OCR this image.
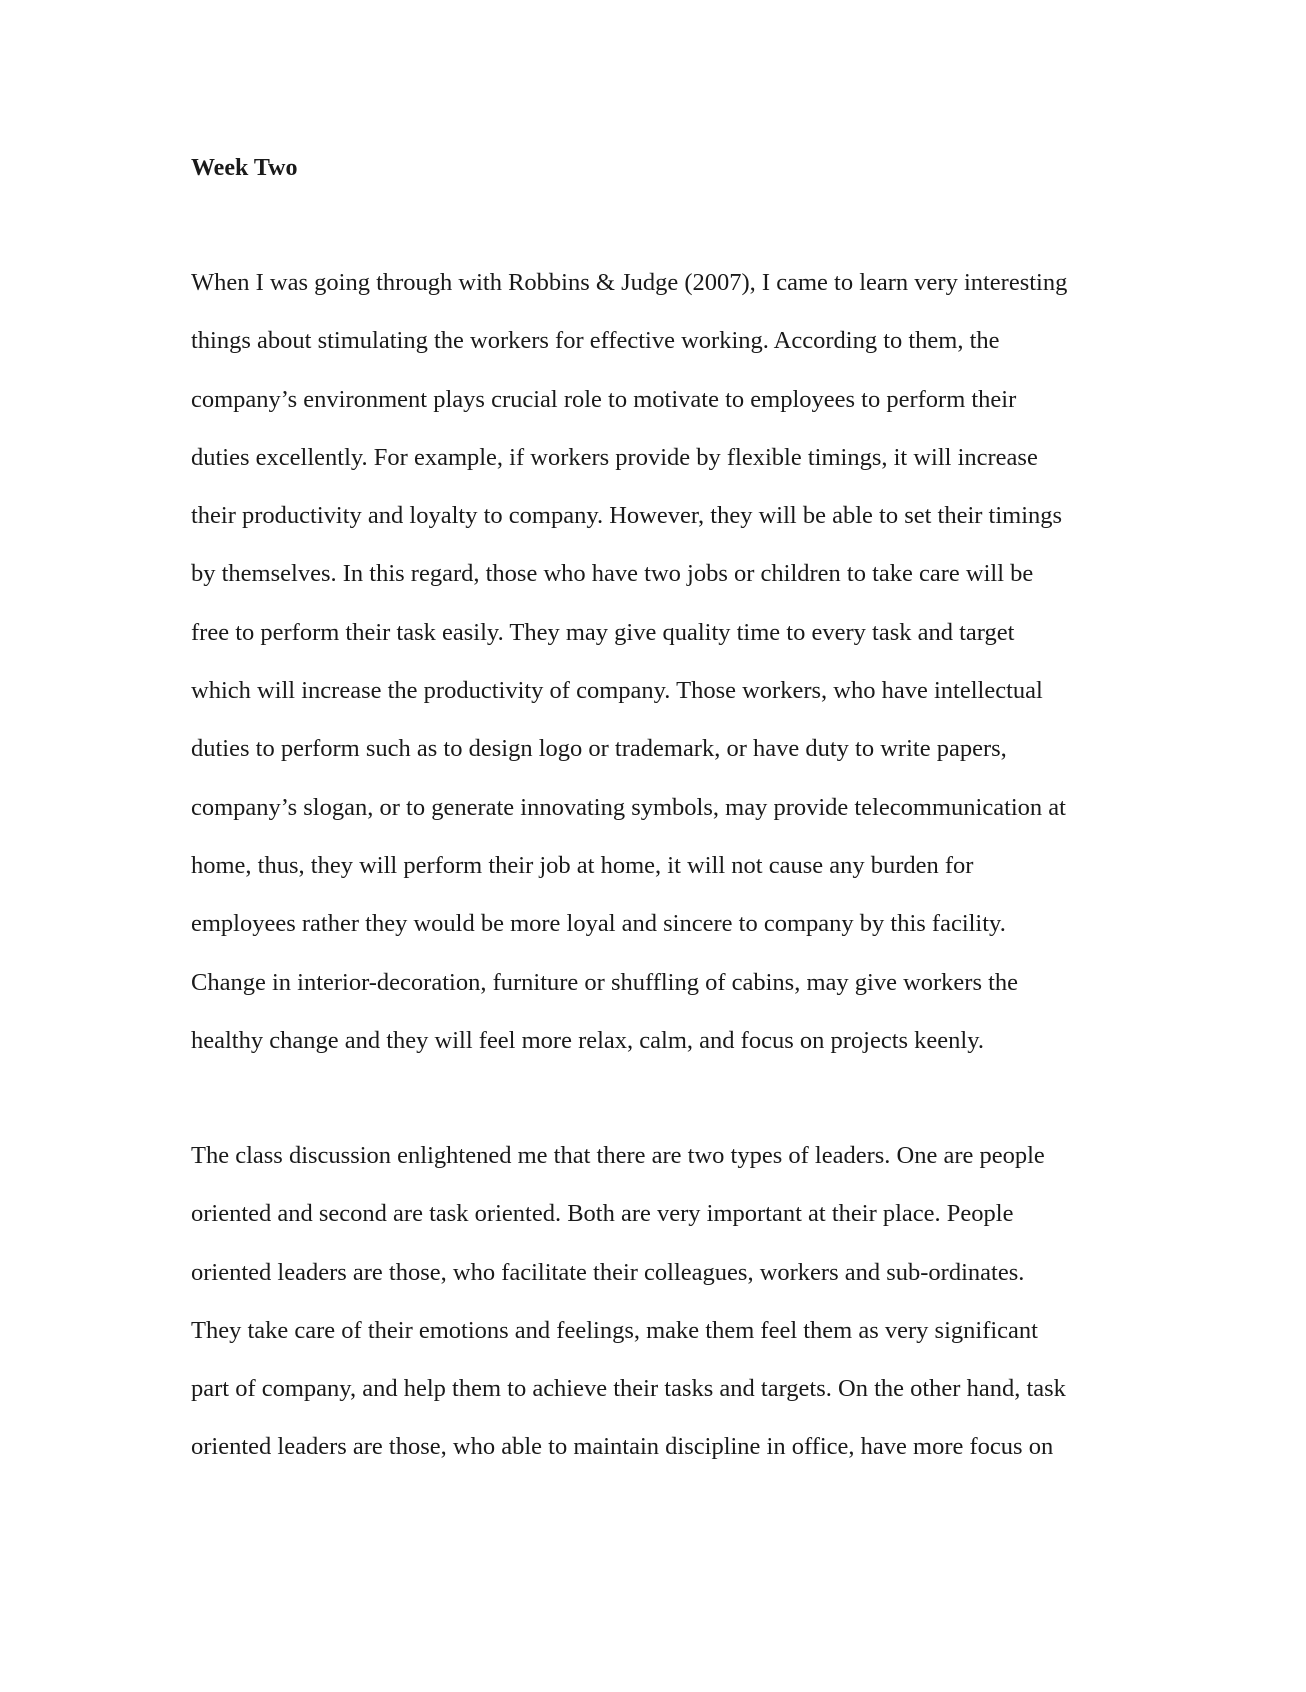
Week Two

When I was going through with Robbins & Judge (2007), I came to learn very interesting
things about stimulating the workers for effective working. According to them, the
company’s environment plays crucial role to motivate to employees to perform their
duties excellently. For example, if workers provide by flexible timings, it will increase
their productivity and loyalty to company. However, they will be able to set their timings
by themselves. In this regard, those who have two jobs or children to take care will be
free to perform their task easily. They may give quality time to every task and target
which will increase the productivity of company. Those workers, who have intellectual
duties to perform such as to design logo or trademark, or have duty to write papers,
company’s slogan, or to generate innovating symbols, may provide telecommunication at
home, thus, they will perform their job at home, it will not cause any burden for
employees rather they would be more loyal and sincere to company by this facility.
Change in interior-decoration, furniture or shuffling of cabins, may give workers the
healthy change and they will feel more relax, calm, and focus on projects keenly.

The class discussion enlightened me that there are two types of leaders. One are people
oriented and second are task oriented. Both are very important at their place. People
oriented leaders are those, who facilitate their colleagues, workers and sub-ordinates.
They take care of their emotions and feelings, make them feel them as very significant
part of company, and help them to achieve their tasks and targets. On the other hand, task
oriented leaders are those, who able to maintain discipline in office, have more focus on
